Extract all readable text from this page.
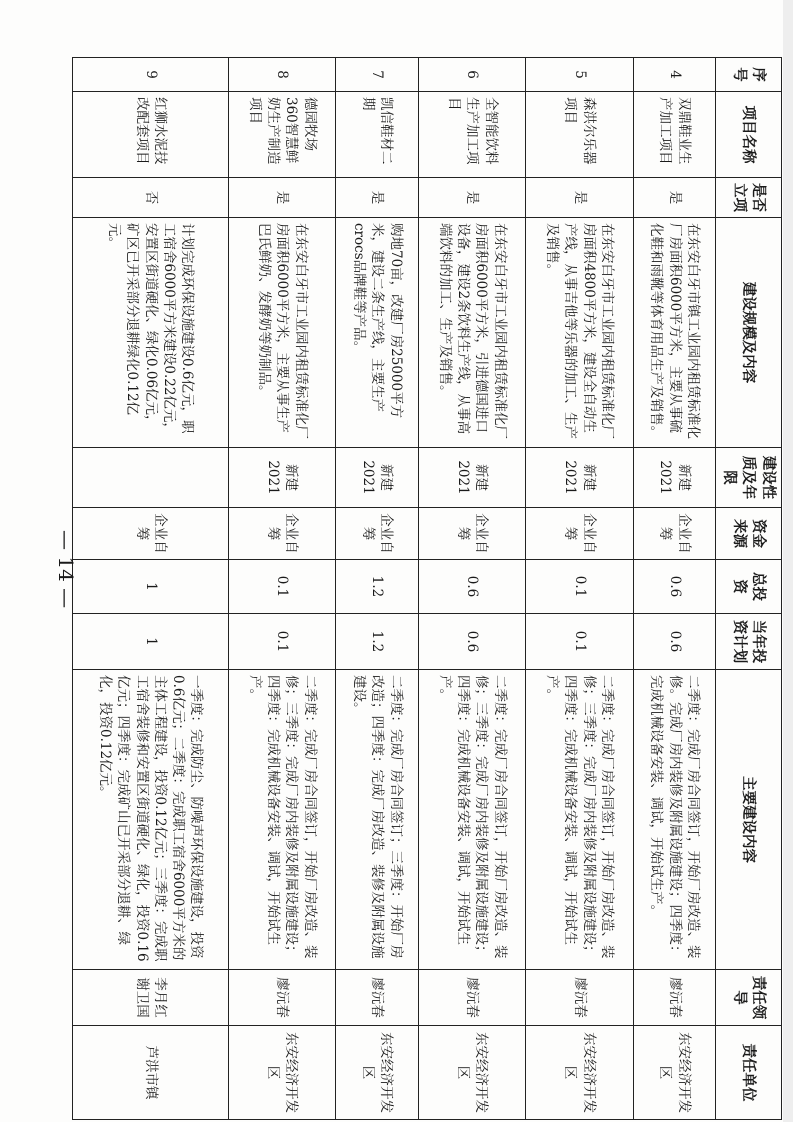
序号	项目名称	是否立项	建设规模及内容	建设性质及年限	资金来源	总投资	当年投资计划	主要建设内容	责任领导	责任单位
4	双鼎鞋业生产加工项目	是	在东安白牙市镇工业园内租赁标准化厂房面积6000平方米，主要从事硫化鞋和雨靴等体育用品生产及销售。	新建 2021	企业自筹	0.6	0.6	二季度：完成厂房合同签订，开始厂房改造、装修。完成厂房内装修及附属设施建设；四季度：完成机械设备安装、调试，开始试生产。	廖沅春	东安经济开发区
5	森洪尔乐器项目	是	在东安白牙市工业园内租赁标准化厂房面积4800平方米，建设全自动生产线，从事吉他等乐器的加工、生产及销售。	新建 2021	企业自筹	0.1	0.1	二季度：完成厂房合同签订，开始厂房改造、装修；三季度：完成厂房内装修及附属设施建设；四季度：完成机械设备安装、调试，开始试生产。	廖沅春	东安经济开发区
6	全智能饮料生产加工项目	是	在东安白牙市工业园内租赁标准化厂房面积6000平方米，引进德国进口设备，建设2条饮料生产线，从事高端饮料的加工、生产及销售。	新建 2021	企业自筹	0.6	0.6	二季度：完成厂房合同签订，开始厂房改造、装修；三季度：完成厂房内装修及附属设施建设；四季度：完成机械设备安装、调试，开始试生产。	廖沅春	东安经济开发区
7	凯信鞋材二期	是	购地70亩，改建厂房25000平方米，建设二条生产线，主要生产crocs品牌鞋等产品。	新建 2021	企业自筹	1.2	1.2	二季度：完成厂房合同签订；三季度：开始厂房改造；四季度：完成厂房改造、装修及附属设施建设。	廖沅春	东安经济开发区
8	德园牧场360智慧鲜奶生产制造项目	是	在东安白牙市工业园内租赁标准化厂房面积6000平方米，主要从事生产巴氏鲜奶、发酵奶等奶制品。	新建 2021	企业自筹	0.1	0.1	二季度：完成厂房合同签订，开始厂房改造、装修；三季度：完成厂房内装修及附属设施建设；四季度：完成机械设备安装、调试，开始试生产。	廖沅春	东安经济开发区
9	红狮水泥技改配套项目	否	计划完成环保设施建设0.6亿元，职工宿舍6000平方米建设0.22亿元，安置区街道硬化、绿化0.06亿元，矿区已开采部分退耕绿化0.12亿元。		企业自筹	1	1	一季度：完成防尘、防噪声环保设施建设，投资0.6亿元；二季度：完成职工宿舍6000平方米的主体工程建设，投资0.12亿元；三季度：完成职工宿舍装修和安置区街道硬化、绿化，投资0.16亿元；四季度：完成矿山已开采部分退耕、绿化，投资0.12亿元。	李月红 谢卫国	芦洪市镇
— 14 —
